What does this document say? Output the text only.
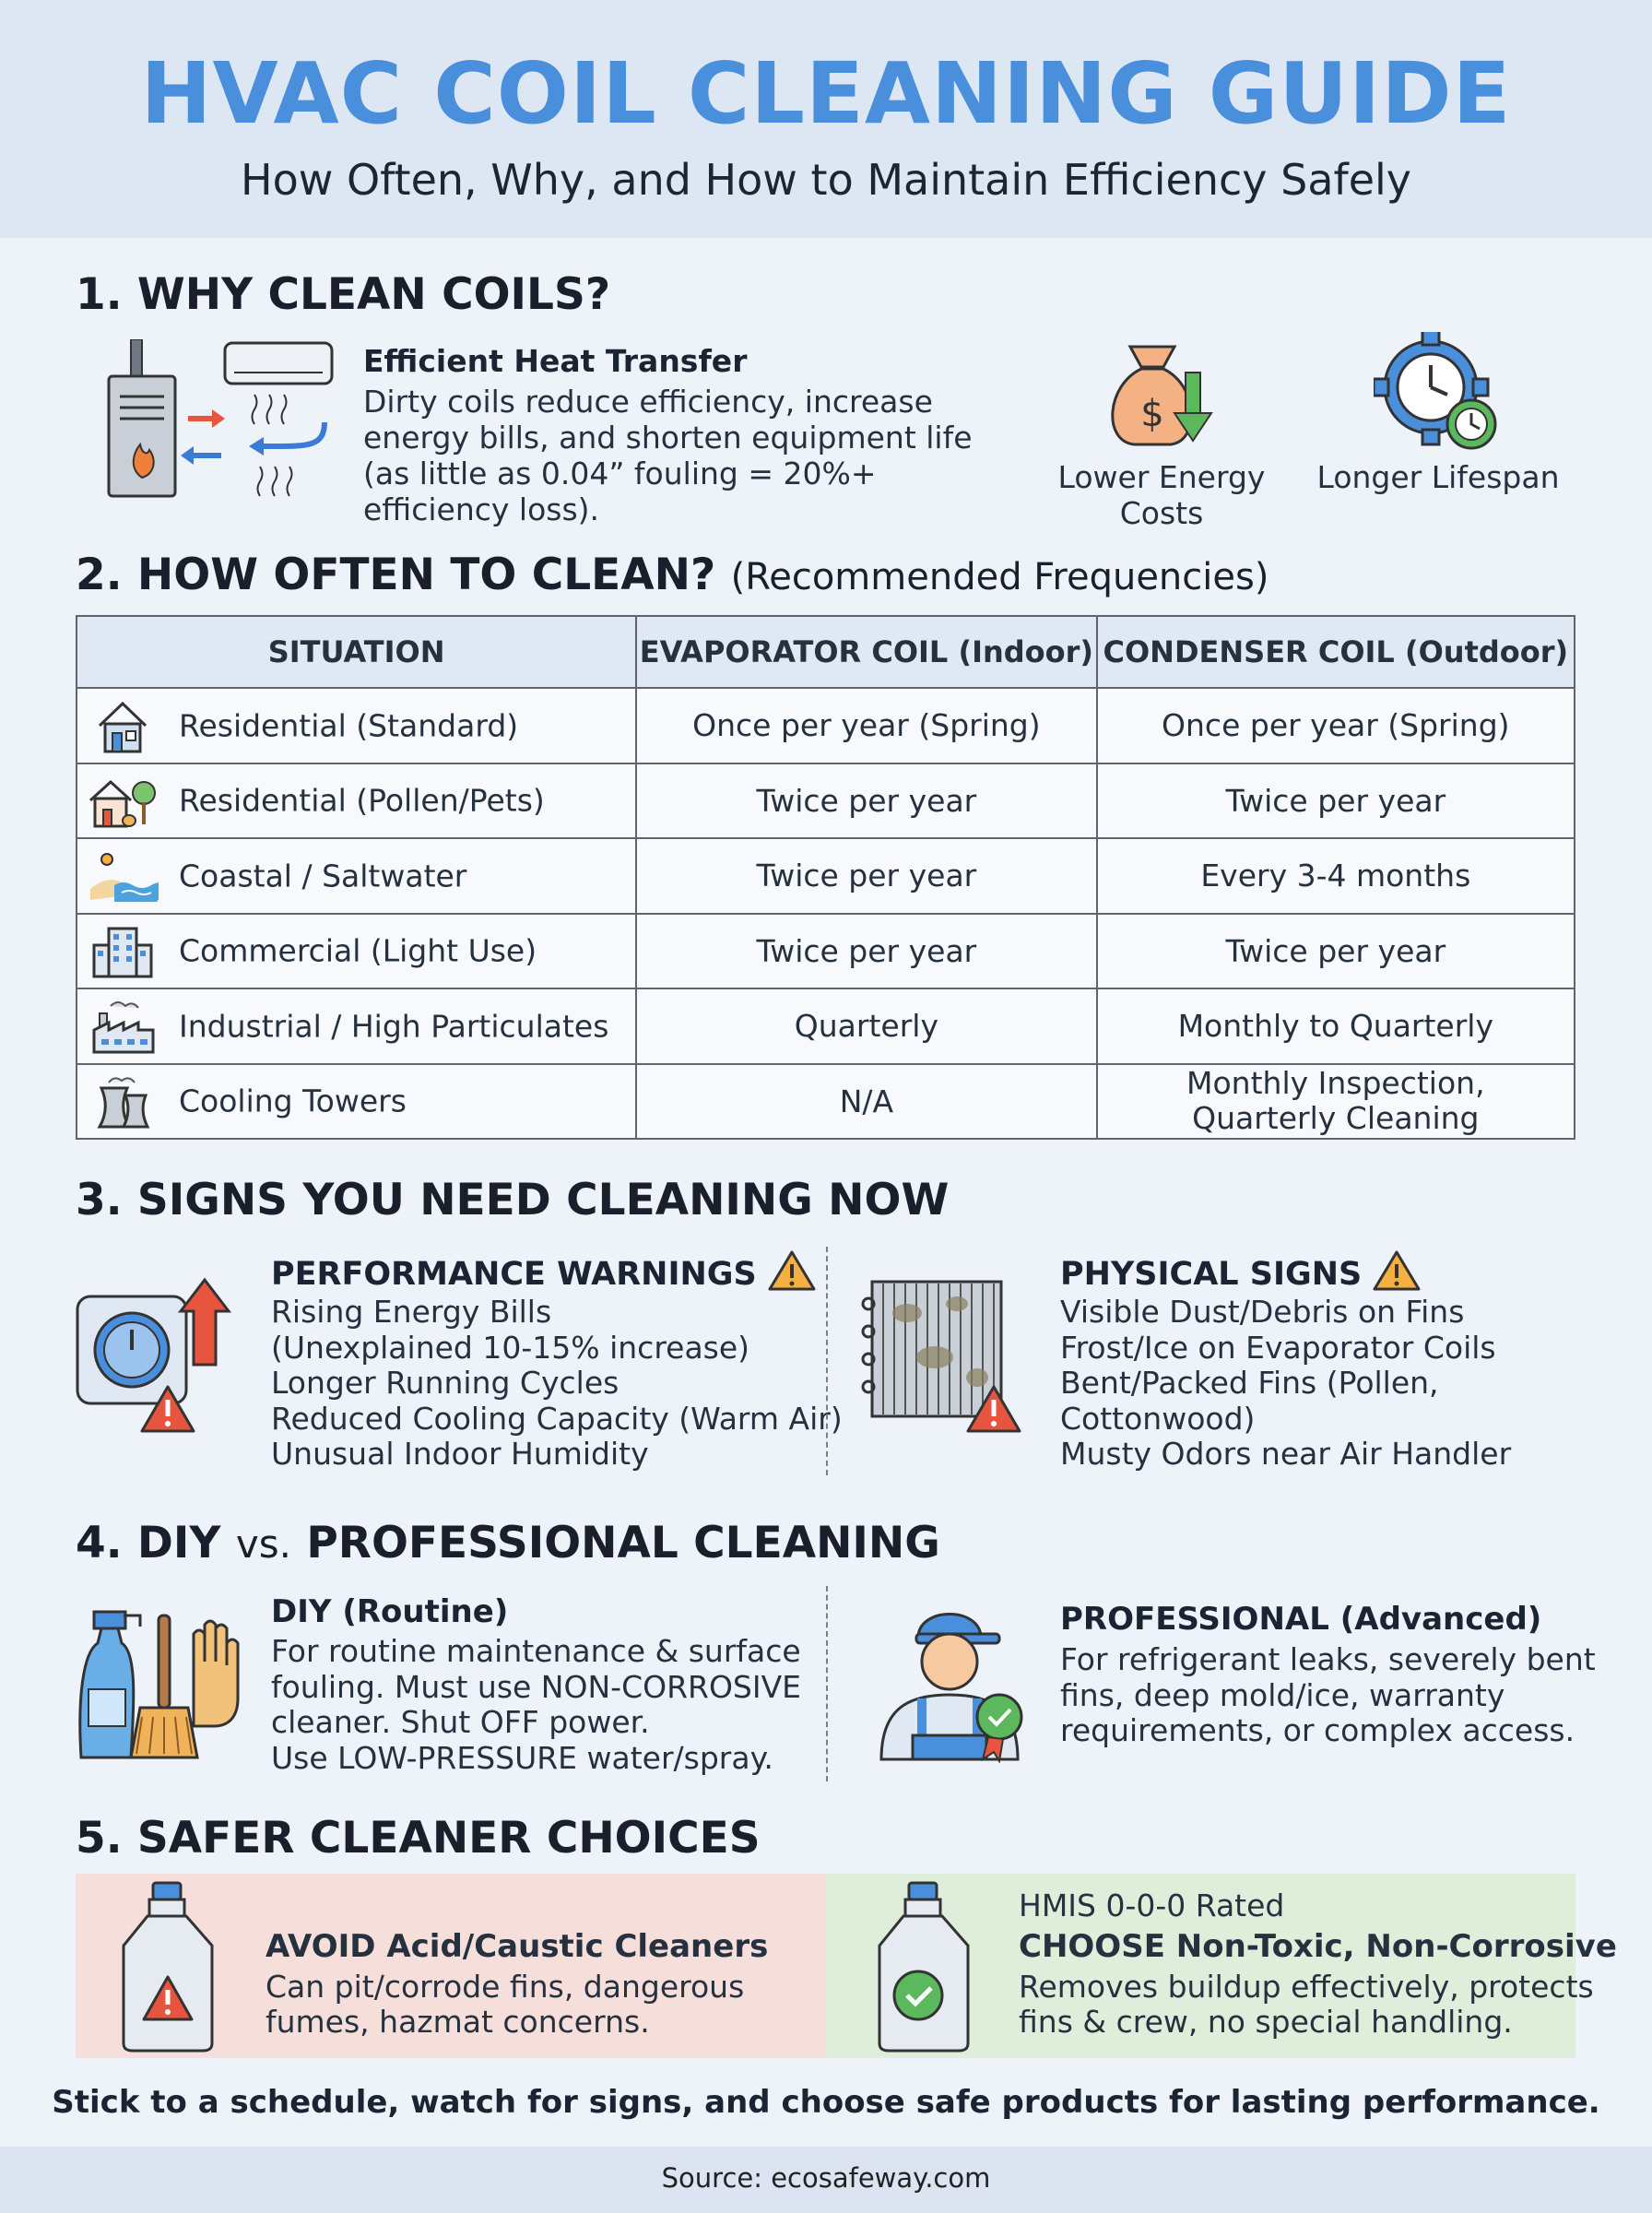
HVAC COIL CLEANING GUIDE
How Often, Why, and How to Maintain Efficiency Safely
1. WHY CLEAN COILS?
Efficient Heat Transfer
Dirty coils reduce efficiency, increase energy bills, and shorten equipment life (as little as 0.04” fouling = 20%+ efficiency loss).
$
Lower Energy Costs
Longer Lifespan
2. HOW OFTEN TO CLEAN? (Recommended Frequencies)
SITUATION	EVAPORATOR COIL (Indoor)	CONDENSER COIL (Outdoor)
Residential (Standard)	Once per year (Spring)	Once per year (Spring)
Residential (Pollen/Pets)	Twice per year	Twice per year
Coastal / Saltwater	Twice per year	Every 3-4 months
Commercial (Light Use)	Twice per year	Twice per year
Industrial / High Particulates	Quarterly	Monthly to Quarterly
Cooling Towers	N/A	Monthly Inspection,
Quarterly Cleaning
3. SIGNS YOU NEED CLEANING NOW
PERFORMANCE WARNINGS
Rising Energy Bills
(Unexplained 10-15% increase)
Longer Running Cycles
Reduced Cooling Capacity (Warm Air)
Unusual Indoor Humidity
PHYSICAL SIGNS
Visible Dust/Debris on Fins
Frost/Ice on Evaporator Coils
Bent/Packed Fins (Pollen,
Cottonwood)
Musty Odors near Air Handler
4. DIY vs. PROFESSIONAL CLEANING
DIY (Routine)
For routine maintenance & surface
fouling. Must use NON-CORROSIVE
cleaner. Shut OFF power.
Use LOW-PRESSURE water/spray.
PROFESSIONAL (Advanced)
For refrigerant leaks, severely bent
fins, deep mold/ice, warranty
requirements, or complex access.
5. SAFER CLEANER CHOICES
AVOID Acid/Caustic Cleaners
Can pit/corrode fins, dangerous
fumes, hazmat concerns.
HMIS 0-0-0 Rated
CHOOSE Non-Toxic, Non-Corrosive
Removes buildup effectively, protects
fins & crew, no special handling.
Stick to a schedule, watch for signs, and choose safe products for lasting performance.
Source: ecosafeway.com
